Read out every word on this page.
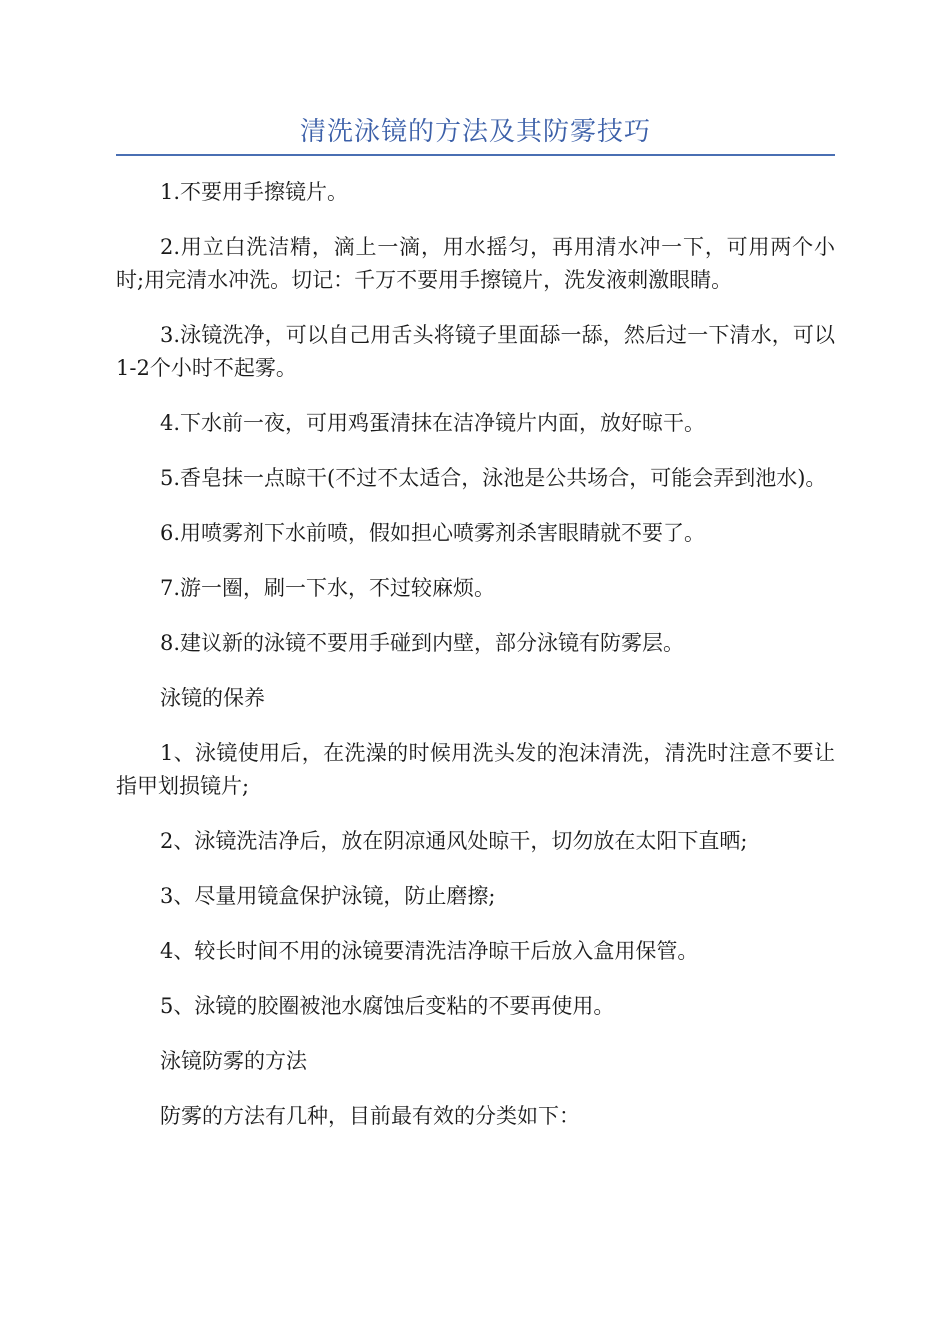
清洗泳镜的方法及其防雾技巧

1.不要用手擦镜片。

2.用立白洗洁精，滴上一滴，用水摇匀，再用清水冲一下，可用两个小时;用完清水冲洗。切记：千万不要用手擦镜片，洗发液刺激眼睛。

3.泳镜洗净，可以自己用舌头将镜子里面舔一舔，然后过一下清水，可以1-2个小时不起雾。

4.下水前一夜，可用鸡蛋清抹在洁净镜片内面，放好晾干。

5.香皂抹一点晾干(不过不太适合，泳池是公共场合，可能会弄到池水)。

6.用喷雾剂下水前喷，假如担心喷雾剂杀害眼睛就不要了。

7.游一圈，刷一下水，不过较麻烦。

8.建议新的泳镜不要用手碰到内壁，部分泳镜有防雾层。

泳镜的保养

1、泳镜使用后，在洗澡的时候用洗头发的泡沫清洗，清洗时注意不要让指甲划损镜片;

2、泳镜洗洁净后，放在阴凉通风处晾干，切勿放在太阳下直晒;

3、尽量用镜盒保护泳镜，防止磨擦;

4、较长时间不用的泳镜要清洗洁净晾干后放入盒用保管。

5、泳镜的胶圈被池水腐蚀后变粘的不要再使用。

泳镜防雾的方法

防雾的方法有几种，目前最有效的分类如下：
